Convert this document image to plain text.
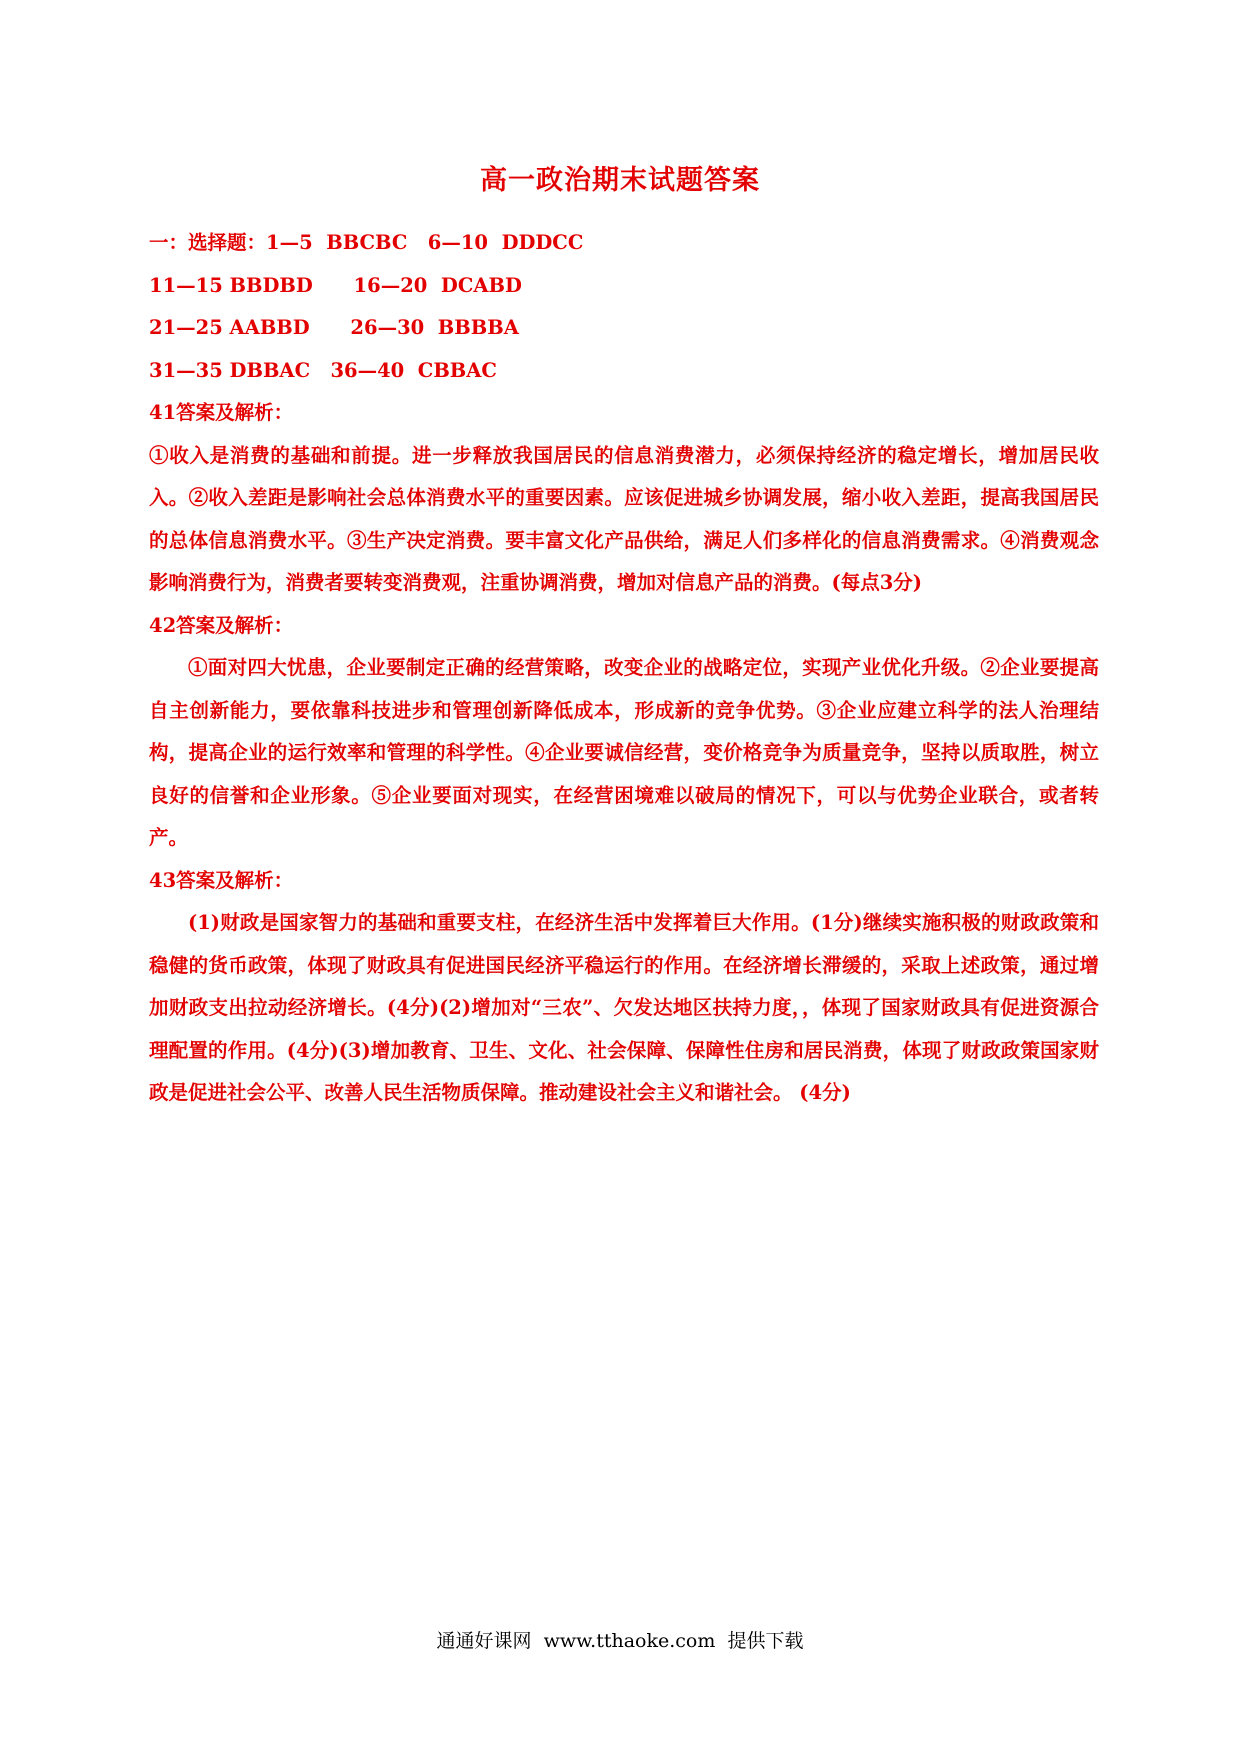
高一政治期末试题答案
一：选择题：1—5  BBCBC   6—10  DDDCC
11—15 BBDBD      16—20  DCABD
21—25 AABBD      26—30  BBBBA
31—35 DBBAC   36—40  CBBAC
41答案及解析：

①收入是消费的基础和前提。进一步释放我国居民的信息消费潜力，必须保持经济的稳定增长，增加居民收入。②收入差距是影响社会总体消费水平的重要因素。应该促进城乡协调发展，缩小收入差距，提高我国居民的总体信息消费水平。③生产决定消费。要丰富文化产品供给，满足人们多样化的信息消费需求。④消费观念影响消费行为，消费者要转变消费观，注重协调消费，增加对信息产品的消费。(每点3分)

42答案及解析：

①面对四大忧患，企业要制定正确的经营策略，改变企业的战略定位，实现产业优化升级。②企业要提高自主创新能力，要依靠科技进步和管理创新降低成本，形成新的竞争优势。③企业应建立科学的法人治理结构，提高企业的运行效率和管理的科学性。④企业要诚信经营，变价格竞争为质量竞争，坚持以质取胜，树立良好的信誉和企业形象。⑤企业要面对现实，在经营困境难以破局的情况下，可以与优势企业联合，或者转产。

43答案及解析：

(1)财政是国家智力的基础和重要支柱，在经济生活中发挥着巨大作用。(1分)继续实施积极的财政政策和稳健的货币政策，体现了财政具有促进国民经济平稳运行的作用。在经济增长滞缓的，采取上述政策，通过增加财政支出拉动经济增长。(4分)(2)增加对“三农”、欠发达地区扶持力度，，体现了国家财政具有促进资源合理配置的作用。(4分)(3)增加教育、卫生、文化、社会保障、保障性住房和居民消费，体现了财政政策国家财政是促进社会公平、改善人民生活物质保障。推动建设社会主义和谐社会。 (4分)

通通好课网  www.tthaoke.com  提供下载
